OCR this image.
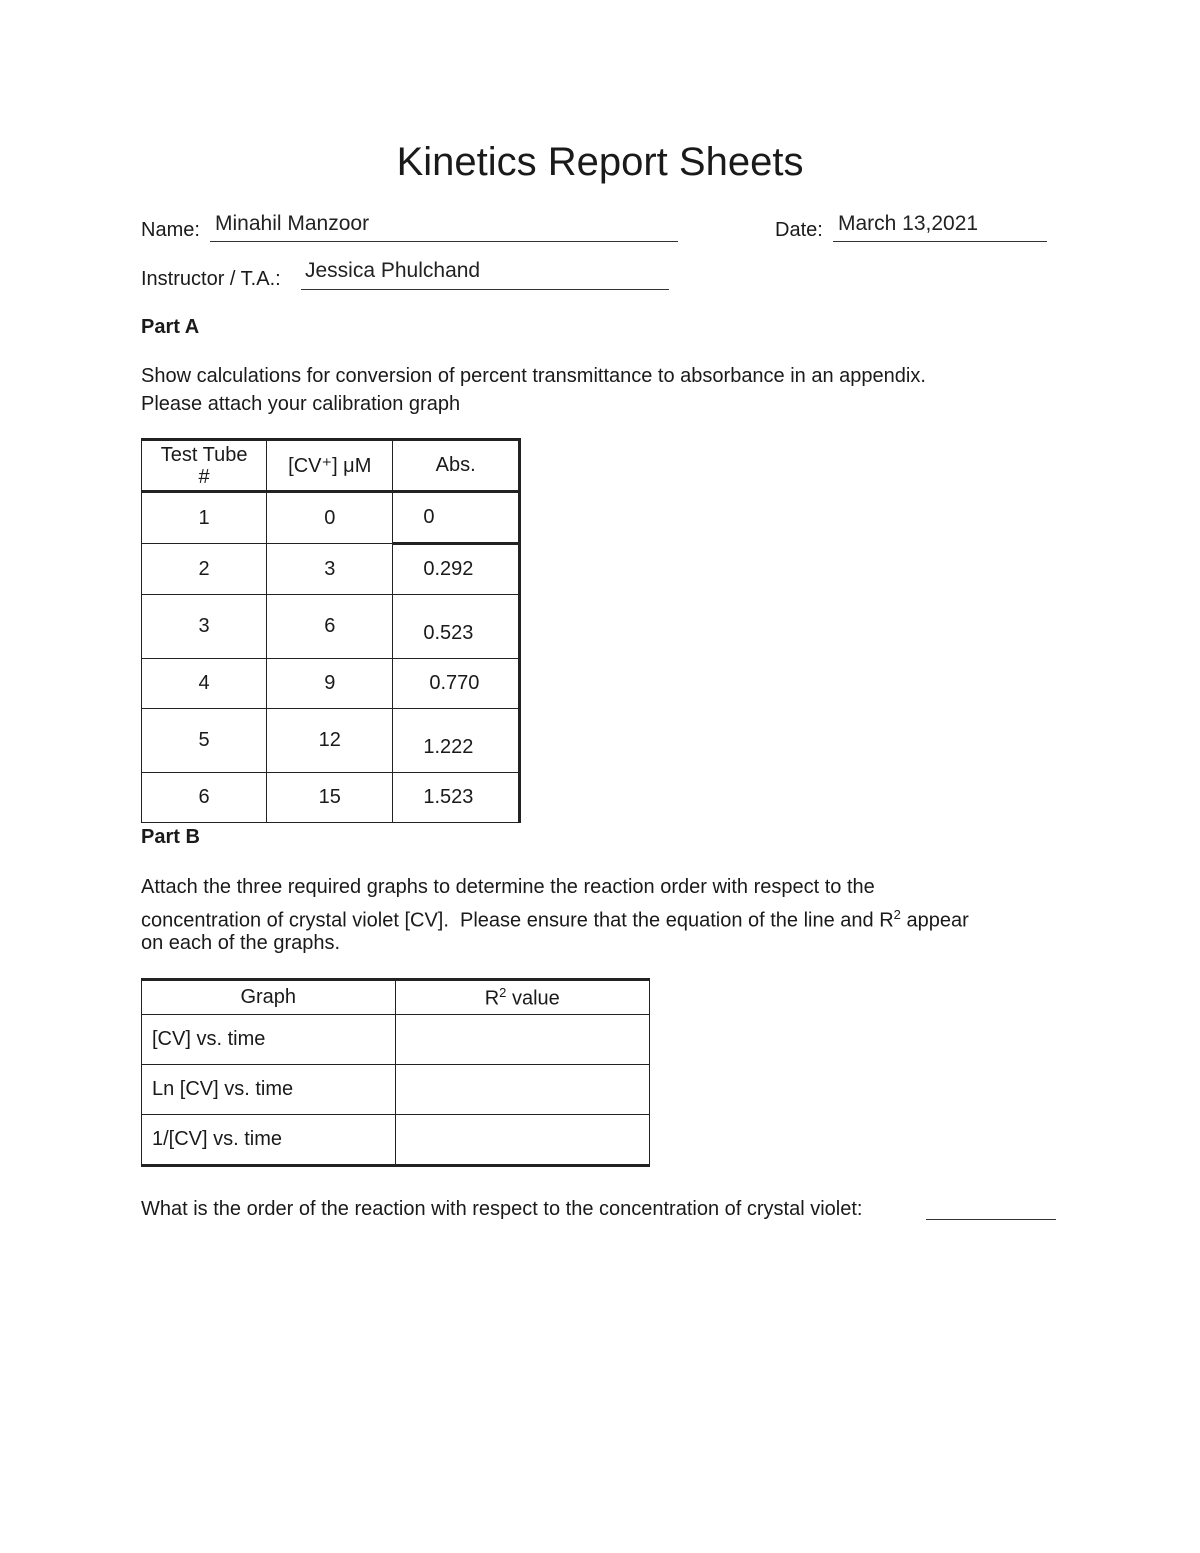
Kinetics Report Sheets
Name: Minahil Manzoor	Date: March 13,2021
Instructor / T.A.: Jessica Phulchand
Part A
Show calculations for conversion of percent transmittance to absorbance in an appendix.
Please attach your calibration graph
Test Tube
#	[CV⁺] μM	Abs.
1	0	0
2	3	0.292
3	6	0.523
4	9	0.770
5	12	1.222
6	15	1.523
Part B
Attach the three required graphs to determine the reaction order with respect to the
concentration of crystal violet [CV].  Please ensure that the equation of the line and $R^2$ appear
on each of the graphs.
Graph	$R^2$ value
[CV] vs. time	
Ln [CV] vs. time	
1/[CV] vs. time	
What is the order of the reaction with respect to the concentration of crystal violet:
